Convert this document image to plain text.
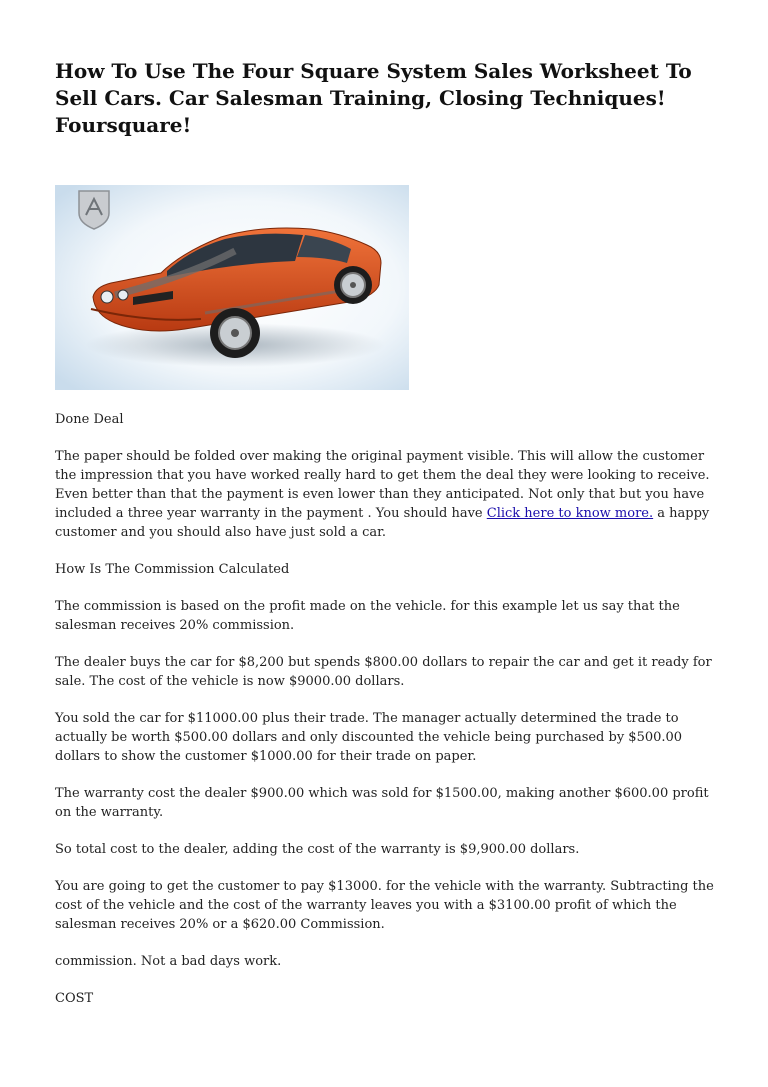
How To Use The Four Square System Sales Worksheet To Sell Cars. Car Salesman Training, Closing Techniques! Foursquare!

Done Deal

The paper should be folded over making the original payment visible. This will allow the customer the impression that you have worked really hard to get them the deal they were looking to receive. Even better than that the payment is even lower than they anticipated. Not only that but you have included a three year warranty in the payment . You should have Click here to know more. a happy customer and you should also have just sold a car.

How Is The Commission Calculated

The commission is based on the profit made on the vehicle. for this example let us say that the salesman receives 20% commission.

The dealer buys the car for $8,200 but spends $800.00 dollars to repair the car and get it ready for sale. The cost of the vehicle is now $9000.00 dollars.

You sold the car for $11000.00 plus their trade. The manager actually determined the trade to actually be worth $500.00 dollars and only discounted the vehicle being purchased by $500.00 dollars to show the customer $1000.00 for their trade on paper.

The warranty cost the dealer $900.00 which was sold for $1500.00, making another $600.00 profit on the warranty.

So total cost to the dealer, adding the cost of the warranty is $9,900.00 dollars.

You are going to get the customer to pay $13000. for the vehicle with the warranty. Subtracting the cost of the vehicle and the cost of the warranty leaves you with a $3100.00 profit of which the salesman receives 20% or a $620.00 Commission.

commission. Not a bad days work.

COST
